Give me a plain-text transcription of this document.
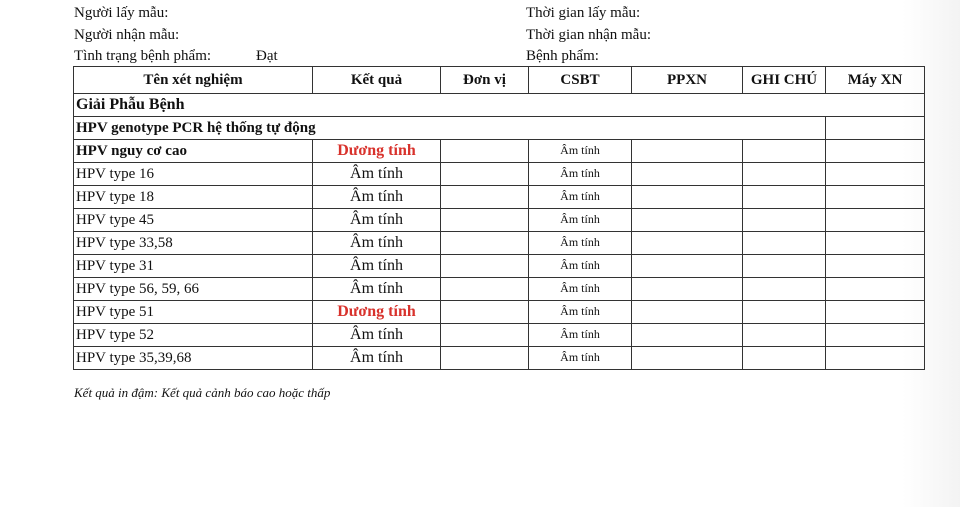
Người lấy mẫu:
Người nhận mẫu:
Tình trạng bệnh phẩm:	Đạt
Thời gian lấy mẫu:
Thời gian nhận mẫu:
Bệnh phẩm:
Tên xét nghiệm	Kết quả	Đơn vị	CSBT	PPXN	GHI CHÚ	Máy XN
Giải Phẫu Bệnh						
HPV genotype PCR hệ thống tự động						
HPV nguy cơ cao	Dương tính		Âm tính			
HPV type 16	Âm tính		Âm tính			
HPV type 18	Âm tính		Âm tính			
HPV type 45	Âm tính		Âm tính			
HPV type 33,58	Âm tính		Âm tính			
HPV type 31	Âm tính		Âm tính			
HPV type 56, 59, 66	Âm tính		Âm tính			
HPV type 51	Dương tính		Âm tính			
HPV type 52	Âm tính		Âm tính			
HPV type 35,39,68	Âm tính		Âm tính			
Kết quả in đậm: Kết quả cảnh báo cao hoặc thấp
